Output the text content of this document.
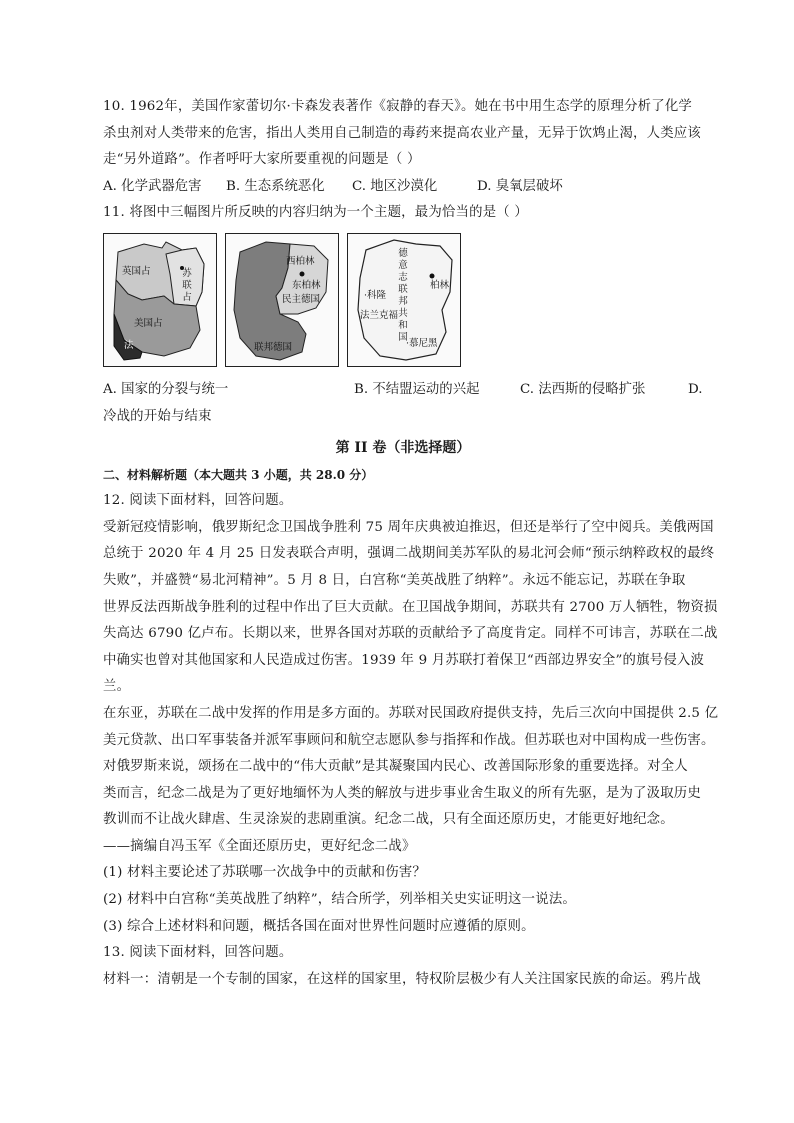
10. 1962年，美国作家蕾切尔·卡森发表著作《寂静的春天》。她在书中用生态学的原理分析了化学
杀虫剂对人类带来的危害，指出人类用自己制造的毒药来提高农业产量，无异于饮鸩止渴，人类应该
走“另外道路”。作者呼吁大家所要重视的问题是（ ）
A. 化学武器危害	B. 生态系统恶化	C. 地区沙漠化	D. 臭氧层破坏
11. 将图中三幅图片所反映的内容归纳为一个主题，最为恰当的是（ ）
英国占	苏
联
占
法
美国占
西柏林
东柏林
民主德国
联邦德国
德
意
志
联
邦
共
和
国
柏林
·科隆
法兰克福
·慕尼黑
A. 国家的分裂与统一	B. 不结盟运动的兴起	C. 法西斯的侵略扩张	D.
冷战的开始与结束
第 II 卷（非选择题）
二、材料解析题（本大题共 3 小题，共 28.0 分）
12. 阅读下面材料，回答问题。
受新冠疫情影响，俄罗斯纪念卫国战争胜利 75 周年庆典被迫推迟，但还是举行了空中阅兵。美俄两国
总统于 2020 年 4 月 25 日发表联合声明，强调二战期间美苏军队的易北河会师“预示纳粹政权的最终
失败”，并盛赞“易北河精神”。5 月 8 日，白宫称“美英战胜了纳粹”。永远不能忘记，苏联在争取
世界反法西斯战争胜利的过程中作出了巨大贡献。在卫国战争期间，苏联共有 2700 万人牺牲，物资损
失高达 6790 亿卢布。长期以来，世界各国对苏联的贡献给予了高度肯定。同样不可讳言，苏联在二战
中确实也曾对其他国家和人民造成过伤害。1939 年 9 月苏联打着保卫“西部边界安全”的旗号侵入波
兰。
在东亚，苏联在二战中发挥的作用是多方面的。苏联对民国政府提供支持，先后三次向中国提供 2.5 亿
美元贷款、出口军事装备并派军事顾问和航空志愿队参与指挥和作战。但苏联也对中国构成一些伤害。
对俄罗斯来说，颂扬在二战中的“伟大贡献”是其凝聚国内民心、改善国际形象的重要选择。对全人
类而言，纪念二战是为了更好地缅怀为人类的解放与进步事业舍生取义的所有先驱，是为了汲取历史
教训而不让战火肆虐、生灵涂炭的悲剧重演。纪念二战，只有全面还原历史，才能更好地纪念。
——摘编自冯玉军《全面还原历史，更好纪念二战》
(1) 材料主要论述了苏联哪一次战争中的贡献和伤害？
(2) 材料中白宫称“美英战胜了纳粹”，结合所学，列举相关史实证明这一说法。
(3) 综合上述材料和问题，概括各国在面对世界性问题时应遵循的原则。
13. 阅读下面材料，回答问题。
材料一：清朝是一个专制的国家，在这样的国家里，特权阶层极少有人关注国家民族的命运。鸦片战
